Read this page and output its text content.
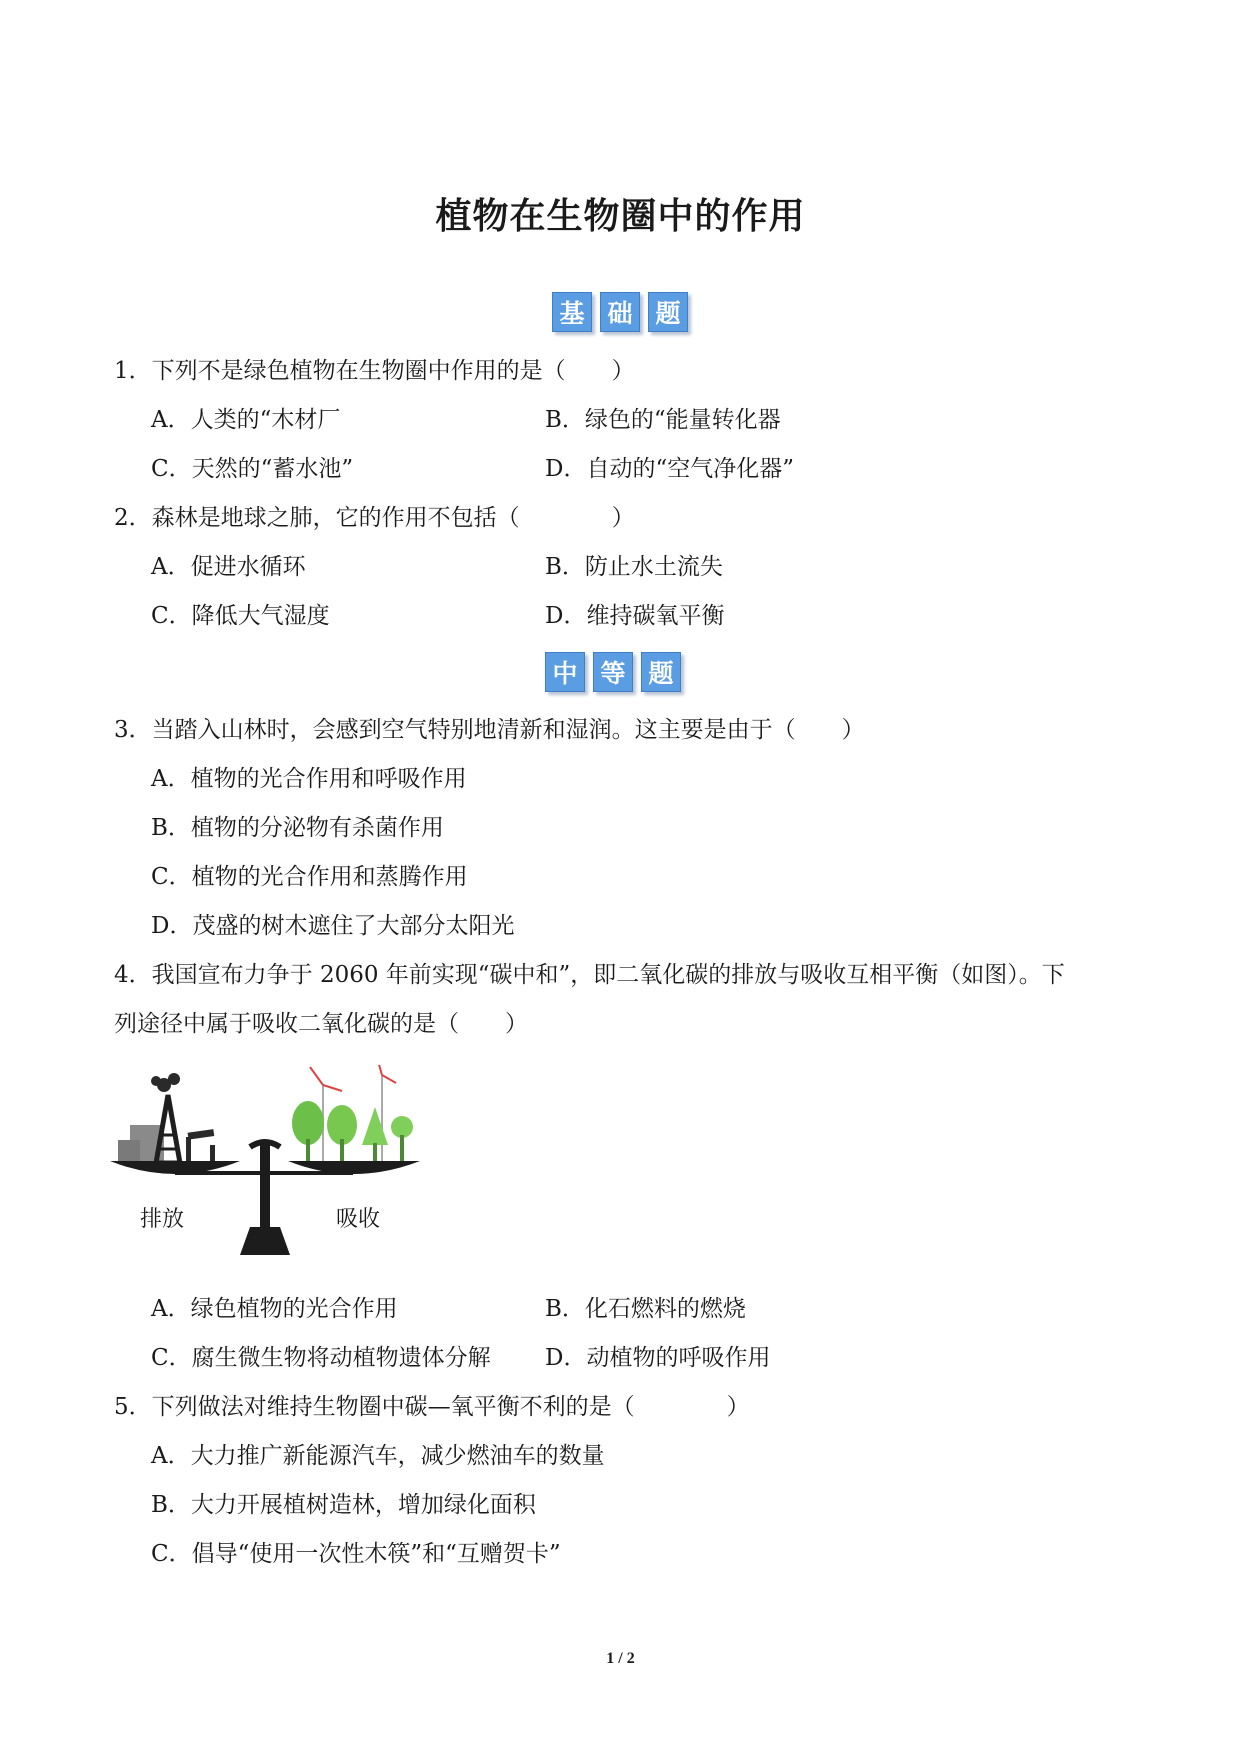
植物在生物圈中的作用
基 础 题
1．下列不是绿色植物在生物圈中作用的是（　　）
A．人类的“木材厂	B．绿色的“能量转化器
C．天然的“蓄水池”	D．自动的“空气净化器”
2．森林是地球之肺，它的作用不包括（　　　　）
A．促进水循环	B．防止水土流失
C．降低大气湿度	D．维持碳氧平衡
中 等 题
3．当踏入山林时，会感到空气特别地清新和湿润。这主要是由于（　　）
A．植物的光合作用和呼吸作用
B．植物的分泌物有杀菌作用
C．植物的光合作用和蒸腾作用
D．茂盛的树木遮住了大部分太阳光
4．我国宣布力争于 2060 年前实现“碳中和”，即二氧化碳的排放与吸收互相平衡（如图）。下
列途径中属于吸收二氧化碳的是（　　）
排放	吸收
A．绿色植物的光合作用	B．化石燃料的燃烧
C．腐生微生物将动植物遗体分解 D．动植物的呼吸作用
5．下列做法对维持生物圈中碳—氧平衡不利的是（　　　　）
A．大力推广新能源汽车，减少燃油车的数量
B．大力开展植树造林，增加绿化面积
C．倡导“使用一次性木筷”和“互赠贺卡”
1 / 2
